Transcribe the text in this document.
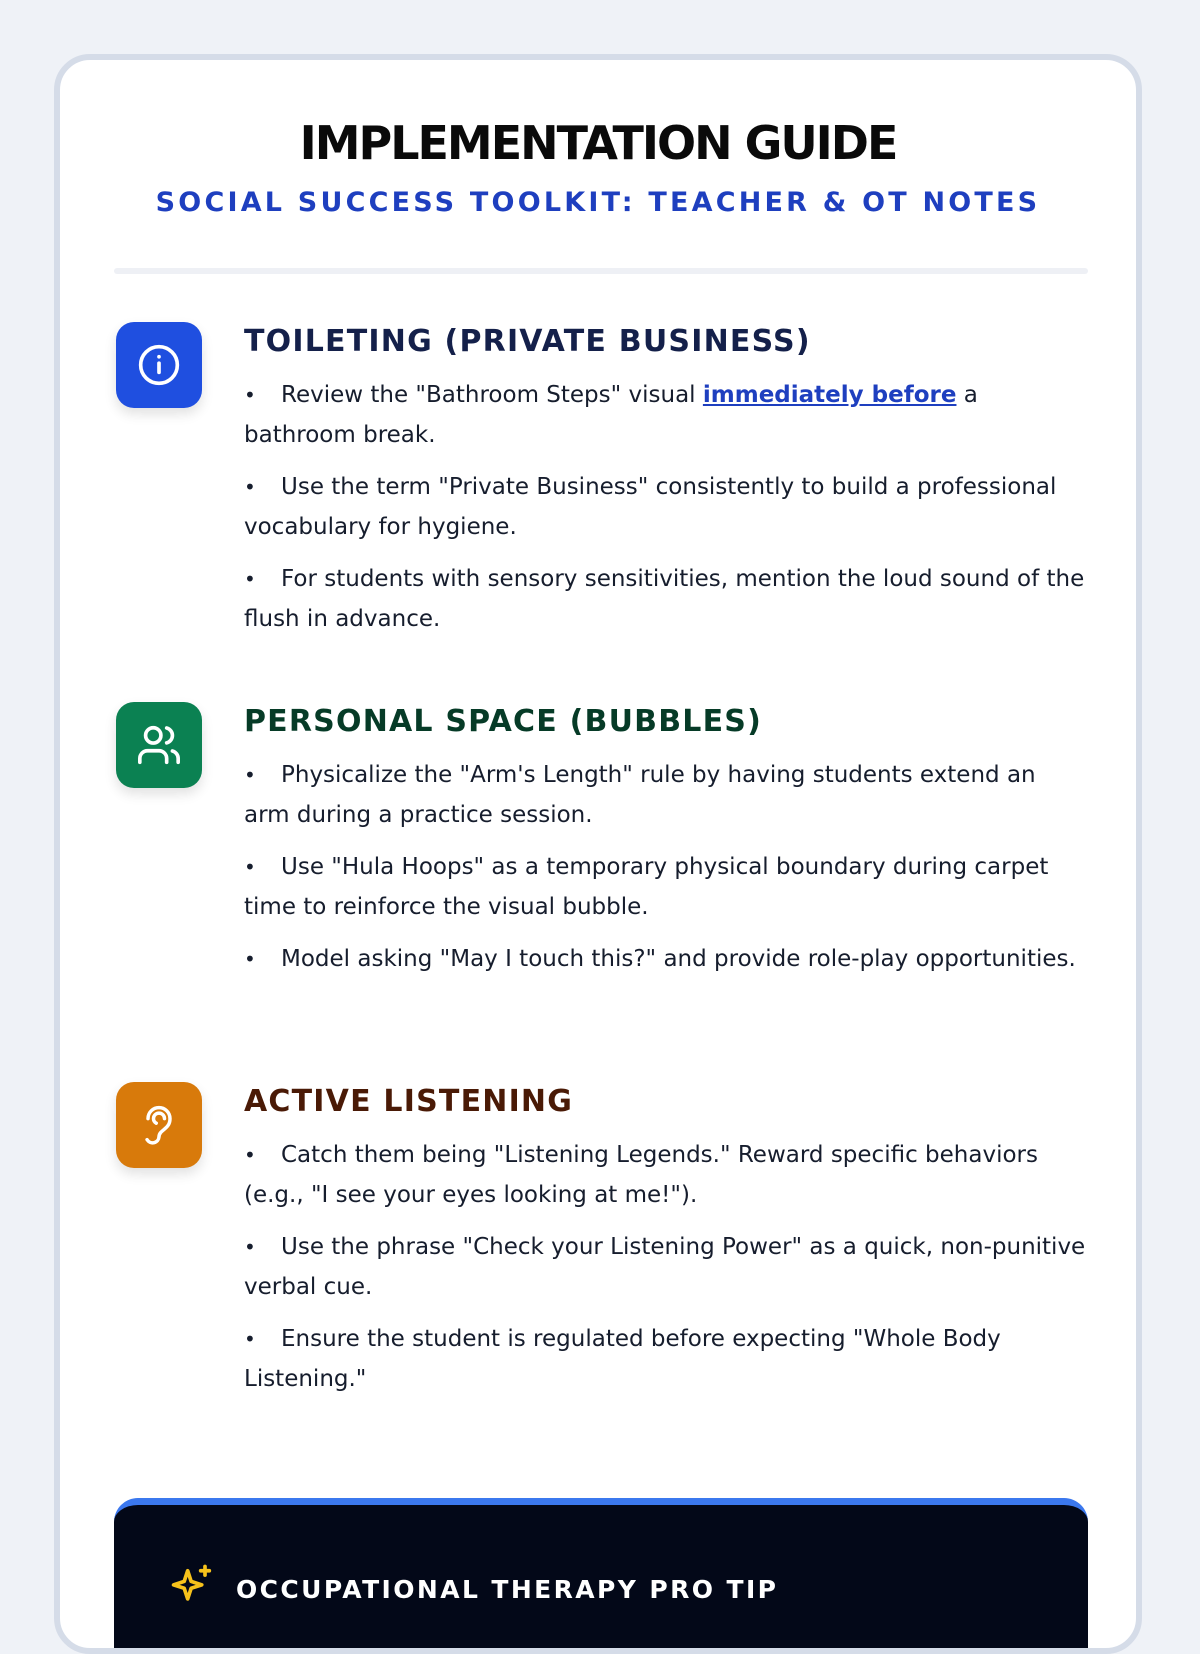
IMPLEMENTATION GUIDE
SOCIAL SUCCESS TOOLKIT: TEACHER & OT NOTES
TOILETING (PRIVATE BUSINESS)
• Review the "Bathroom Steps" visual immediately before a bathroom break.
• Use the term "Private Business" consistently to build a professional vocabulary for hygiene.
• For students with sensory sensitivities, mention the loud sound of the flush in advance.
PERSONAL SPACE (BUBBLES)
• Physicalize the "Arm's Length" rule by having students extend an arm during a practice session.
• Use "Hula Hoops" as a temporary physical boundary during carpet time to reinforce the visual bubble.
• Model asking "May I touch this?" and provide role-play opportunities.
ACTIVE LISTENING
• Catch them being "Listening Legends." Reward specific behaviors (e.g., "I see your eyes looking at me!").
• Use the phrase "Check your Listening Power" as a quick, non-punitive verbal cue.
• Ensure the student is regulated before expecting "Whole Body Listening."
OCCUPATIONAL THERAPY PRO TIP
